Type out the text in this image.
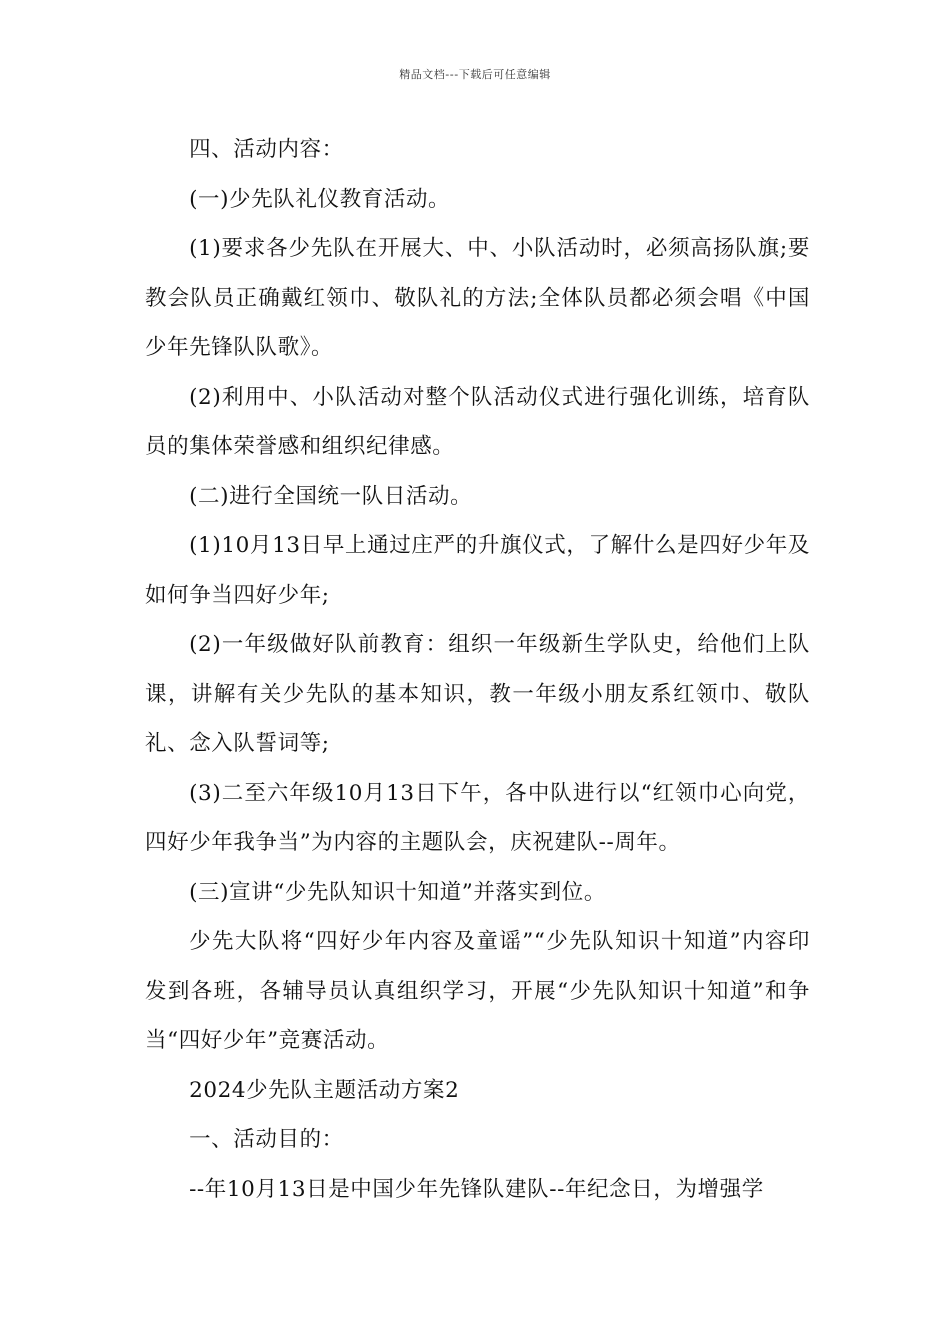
精品文档---下载后可任意编辑

四、活动内容：

(一)少先队礼仪教育活动。

(1)要求各少先队在开展大、中、小队活动时，必须高扬队旗;要教会队员正确戴红领巾、敬队礼的方法;全体队员都必须会唱《中国少年先锋队队歌》。

(2)利用中、小队活动对整个队活动仪式进行强化训练，培育队员的集体荣誉感和组织纪律感。

(二)进行全国统一队日活动。

(1)10月13日早上通过庄严的升旗仪式，了解什么是四好少年及如何争当四好少年;

(2)一年级做好队前教育：组织一年级新生学队史，给他们上队课，讲解有关少先队的基本知识，教一年级小朋友系红领巾、敬队礼、念入队誓词等;

(3)二至六年级10月13日下午，各中队进行以“红领巾心向党，四好少年我争当”为内容的主题队会，庆祝建队--周年。

(三)宣讲“少先队知识十知道”并落实到位。

少先大队将“四好少年内容及童谣”“少先队知识十知道”内容印发到各班，各辅导员认真组织学习，开展“少先队知识十知道”和争当“四好少年”竞赛活动。

2024少先队主题活动方案2

一、活动目的：

--年10月13日是中国少年先锋队建队--年纪念日，为增强学
